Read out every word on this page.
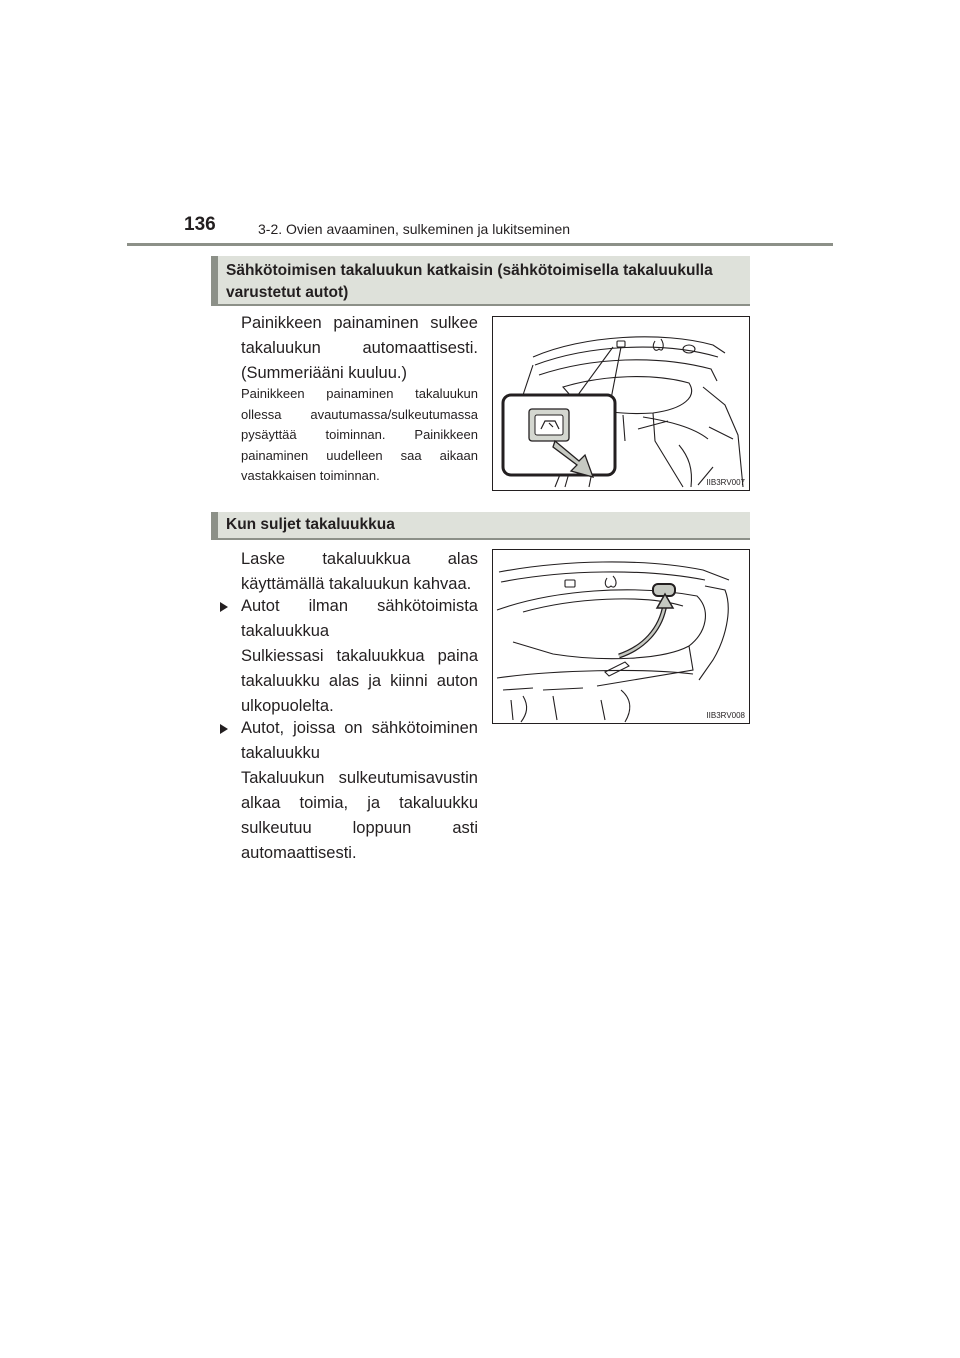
136	3-2. Ovien avaaminen, sulkeminen ja lukitseminen
Sähkötoimisen takaluukun katkaisin (sähkötoimisella takaluukulla varustetut autot)
Painikkeen painaminen sulkee takaluukun automaattisesti. (Summeriääni kuuluu.)
Painikkeen painaminen takaluukun ollessa avautumassa/sulkeutumassa pysäyttää toiminnan. Painikkeen painaminen uudelleen saa aikaan vastakkaisen toiminnan.	IIB3RV007
Kun suljet takaluukkua
Laske takaluukkua alas käyttämällä takaluukun kahvaa.
Autot ilman sähkötoimista takaluukkua
Sulkiessasi takaluukkua paina takaluukku alas ja kiinni auton ulkopuolelta.
Autot, joissa on sähkötoiminen takaluukku
Takaluukun sulkeutumisavustin alkaa toimia, ja takaluukku sulkeutuu loppuun asti automaattisesti.
IIB3RV008
